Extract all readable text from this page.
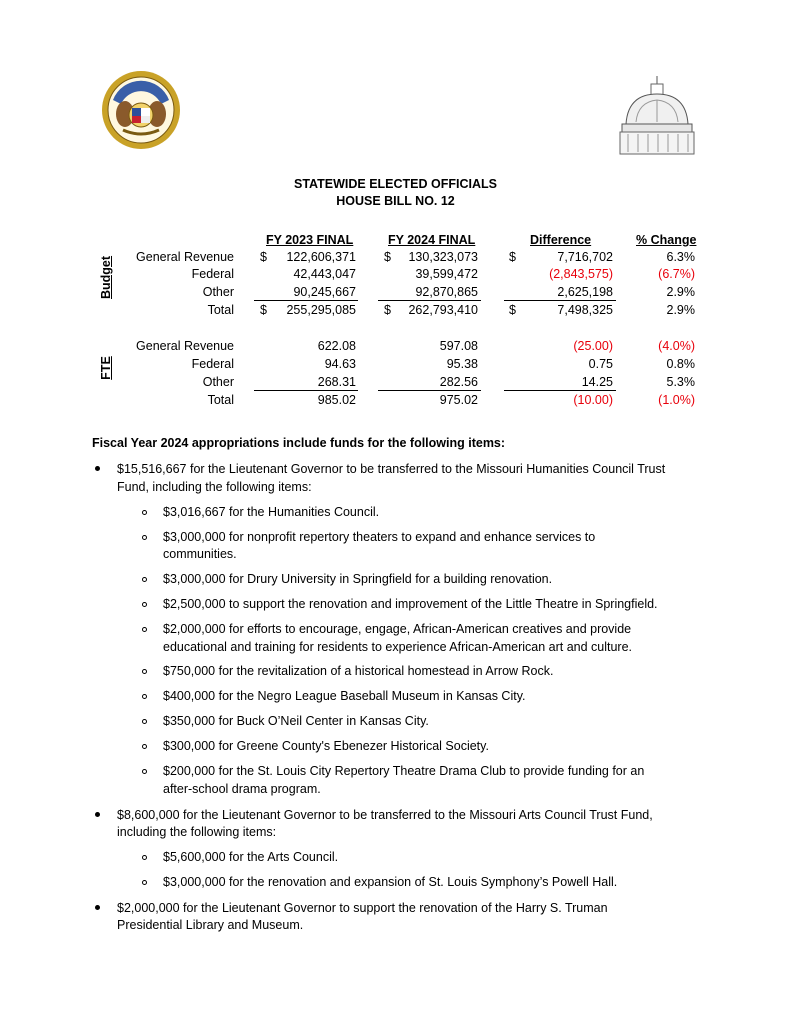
STATEWIDE ELECTED OFFICIALS
HOUSE BILL NO. 12
FY 2023 FINAL	FY 2024 FINAL	Difference	% Change
Budget	General Revenue $	122,606,371 $	130,323,073 $	7,716,702	6.3%
Federal	42,443,047	39,599,472	(2,843,575)	(6.7%)
Other	90,245,667	92,870,865	2,625,198	2.9%
Total $	255,295,085 $	262,793,410 $	7,498,325	2.9%
FTE
General Revenue	622.08	597.08	(25.00)	(4.0%)
Federal	94.63	95.38	0.75	0.8%
Other	268.31	282.56	14.25	5.3%
Total	985.02	975.02	(10.00)	(1.0%)
Fiscal Year 2024 appropriations include funds for the following items:
$15,516,667 for the Lieutenant Governor to be transferred to the Missouri Humanities Council Trust
Fund, including the following items:
$3,016,667 for the Humanities Council.
$3,000,000 for nonprofit repertory theaters to expand and enhance services to
communities.
$3,000,000 for Drury University in Springfield for a building renovation.
$2,500,000 to support the renovation and improvement of the Little Theatre in Springfield.
$2,000,000 for efforts to encourage, engage, African-American creatives and provide
educational and training for residents to experience African-American art and culture.
$750,000 for the revitalization of a historical homestead in Arrow Rock.
$400,000 for the Negro League Baseball Museum in Kansas City.
$350,000 for Buck O’Neil Center in Kansas City.
$300,000 for Greene County's Ebenezer Historical Society.
$200,000 for the St. Louis City Repertory Theatre Drama Club to provide funding for an
after-school drama program.
$8,600,000 for the Lieutenant Governor to be transferred to the Missouri Arts Council Trust Fund,
including the following items:
$5,600,000 for the Arts Council.
$3,000,000 for the renovation and expansion of St. Louis Symphony’s Powell Hall.
$2,000,000 for the Lieutenant Governor to support the renovation of the Harry S. Truman
Presidential Library and Museum.
